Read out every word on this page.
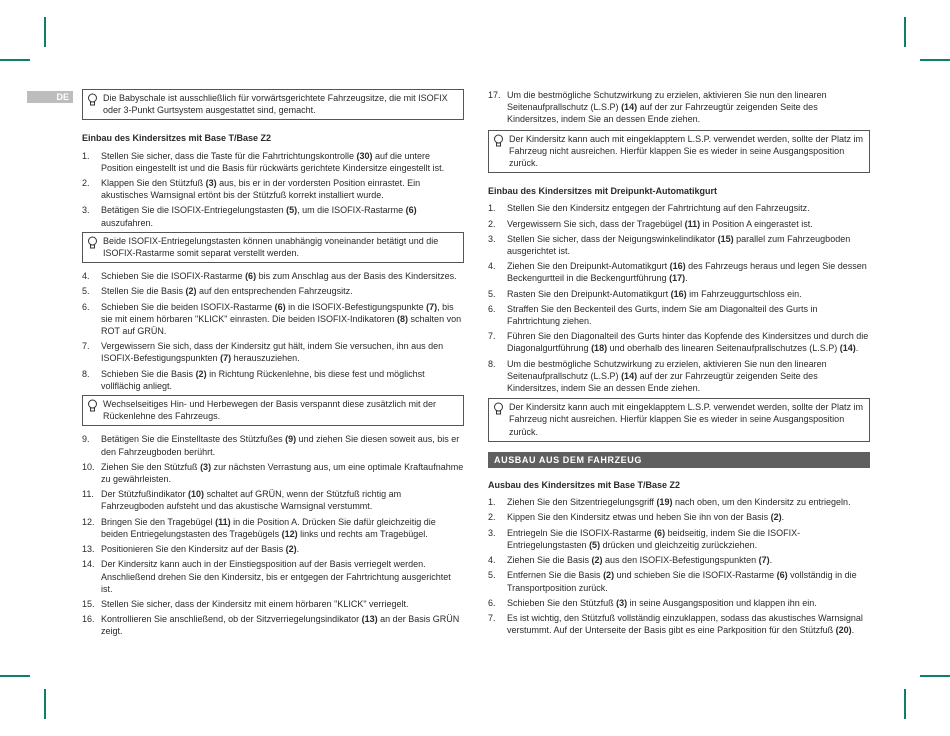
DE	Die Babyschale ist ausschließlich für vorwärtsgerichtete Fahrzeugsitze, die mit ISOFIX oder 3-Punkt Gurtsystem ausgestattet sind, gemacht.
Einbau des Kindersitzes mit Base T/Base Z2
1. Stellen Sie sicher, dass die Taste für die Fahrtrichtungskontrolle (30) auf die untere Position eingestellt ist und die Basis für rückwärts gerichtete Kindersitze eingestellt ist.
2. Klappen Sie den Stützfuß (3) aus, bis er in der vordersten Position einrastet. Ein akustisches Warnsignal ertönt bis der Stützfuß korrekt installiert wurde.
3. Betätigen Sie die ISOFIX-Entriegelungstasten (5), um die ISOFIX-Rastarme (6) auszufahren.
Beide ISOFIX-Entriegelungstasten können unabhängig voneinander betätigt und die ISOFIX-Rastarme somit separat verstellt werden.
4. Schieben Sie die ISOFIX-Rastarme (6) bis zum Anschlag aus der Basis des Kindersitzes.
5. Stellen Sie die Basis (2) auf den entsprechenden Fahrzeugsitz.
6. Schieben Sie die beiden ISOFIX-Rastarme (6) in die ISOFIX-Befestigungspunkte (7), bis sie mit einem hörbaren "KLICK" einrasten. Die beiden ISOFIX-Indikatoren (8) schalten von ROT auf GRÜN.
7. Vergewissern Sie sich, dass der Kindersitz gut hält, indem Sie versuchen, ihn aus den ISOFIX-Befestigungspunkten (7) herauszuziehen.
8. Schieben Sie die Basis (2) in Richtung Rückenlehne, bis diese fest und möglichst vollflächig anliegt.
Wechselseitiges Hin- und Herbewegen der Basis verspannt diese zusätzlich mit der Rückenlehne des Fahrzeugs.
9. Betätigen Sie die Einstelltaste des Stützfußes (9) und ziehen Sie diesen soweit aus, bis er den Fahrzeugboden berührt.
10. Ziehen Sie den Stützfuß (3) zur nächsten Verrastung aus, um eine optimale Kraftaufnahme zu gewährleisten.
11. Der Stützfußindikator (10) schaltet auf GRÜN, wenn der Stützfuß richtig am Fahrzeugboden aufsteht und das akustische Warnsignal verstummt.
12. Bringen Sie den Tragebügel (11) in die Position A. Drücken Sie dafür gleichzeitig die beiden Entriegelungstasten des Tragebügels (12) links und rechts am Tragebügel.
13. Positionieren Sie den Kindersitz auf der Basis (2).
14. Der Kindersitz kann auch in der Einstiegsposition auf der Basis verriegelt werden. Anschließend drehen Sie den Kindersitz, bis er entgegen der Fahrtrichtung ausgerichtet ist.
15. Stellen Sie sicher, dass der Kindersitz mit einem hörbaren "KLICK" verriegelt.
16. Kontrollieren Sie anschließend, ob der Sitzverriegelungsindikator (13) an der Basis GRÜN zeigt.
17. Um die bestmögliche Schutzwirkung zu erzielen, aktivieren Sie nun den linearen Seitenaufprallschutz (L.S.P) (14) auf der zur Fahrzeugtür zeigenden Seite des Kindersitzes, indem Sie an dessen Ende ziehen.
Der Kindersitz kann auch mit eingeklapptem L.S.P. verwendet werden, sollte der Platz im Fahrzeug nicht ausreichen. Hierfür klappen Sie es wieder in seine Ausgangsposition zurück.
Einbau des Kindersitzes mit Dreipunkt-Automatikgurt
1. Stellen Sie den Kindersitz entgegen der Fahrtrichtung auf den Fahrzeugsitz.
2. Vergewissern Sie sich, dass der Tragebügel (11) in Position A eingerastet ist.
3. Stellen Sie sicher, dass der Neigungswinkelindikator (15) parallel zum Fahrzeugboden ausgerichtet ist.
4. Ziehen Sie den Dreipunkt-Automatikgurt (16) des Fahrzeugs heraus und legen Sie dessen Beckengurtteil in die Beckengurtführung (17).
5. Rasten Sie den Dreipunkt-Automatikgurt (16) im Fahrzeuggurtschloss ein.
6. Straffen Sie den Beckenteil des Gurts, indem Sie am Diagonalteil des Gurts in Fahrtrichtung ziehen.
7. Führen Sie den Diagonalteil des Gurts hinter das Kopfende des Kindersitzes und durch die Diagonalgurtführung (18) und oberhalb des linearen Seitenaufprallschutzes (L.S.P) (14).
8. Um die bestmögliche Schutzwirkung zu erzielen, aktivieren Sie nun den linearen Seitenaufprallschutz (L.S.P) (14) auf der zur Fahrzeugtür zeigenden Seite des Kindersitzes, indem Sie an dessen Ende ziehen.
Der Kindersitz kann auch mit eingeklapptem L.S.P. verwendet werden, sollte der Platz im Fahrzeug nicht ausreichen. Hierfür klappen Sie es wieder in seine Ausgangsposition zurück.
AUSBAU AUS DEM FAHRZEUG
Ausbau des Kindersitzes mit Base T/Base Z2
1. Ziehen Sie den Sitzentriegelungsgriff (19) nach oben, um den Kindersitz zu entriegeln.
2. Kippen Sie den Kindersitz etwas und heben Sie ihn von der Basis (2).
3. Entriegeln Sie die ISOFIX-Rastarme (6) beidseitig, indem Sie die ISOFIX-Entriegelungstasten (5) drücken und gleichzeitig zurückziehen.
4. Ziehen Sie die Basis (2) aus den ISOFIX-Befestigungspunkten (7).
5. Entfernen Sie die Basis (2) und schieben Sie die ISOFIX-Rastarme (6) vollständig in die Transportposition zurück.
6. Schieben Sie den Stützfuß (3) in seine Ausgangsposition und klappen ihn ein.
7. Es ist wichtig, den Stützfuß vollständig einzuklappen, sodass das akustisches Warnsignal verstummt. Auf der Unterseite der Basis gibt es eine Parkposition für den Stützfuß (20).
